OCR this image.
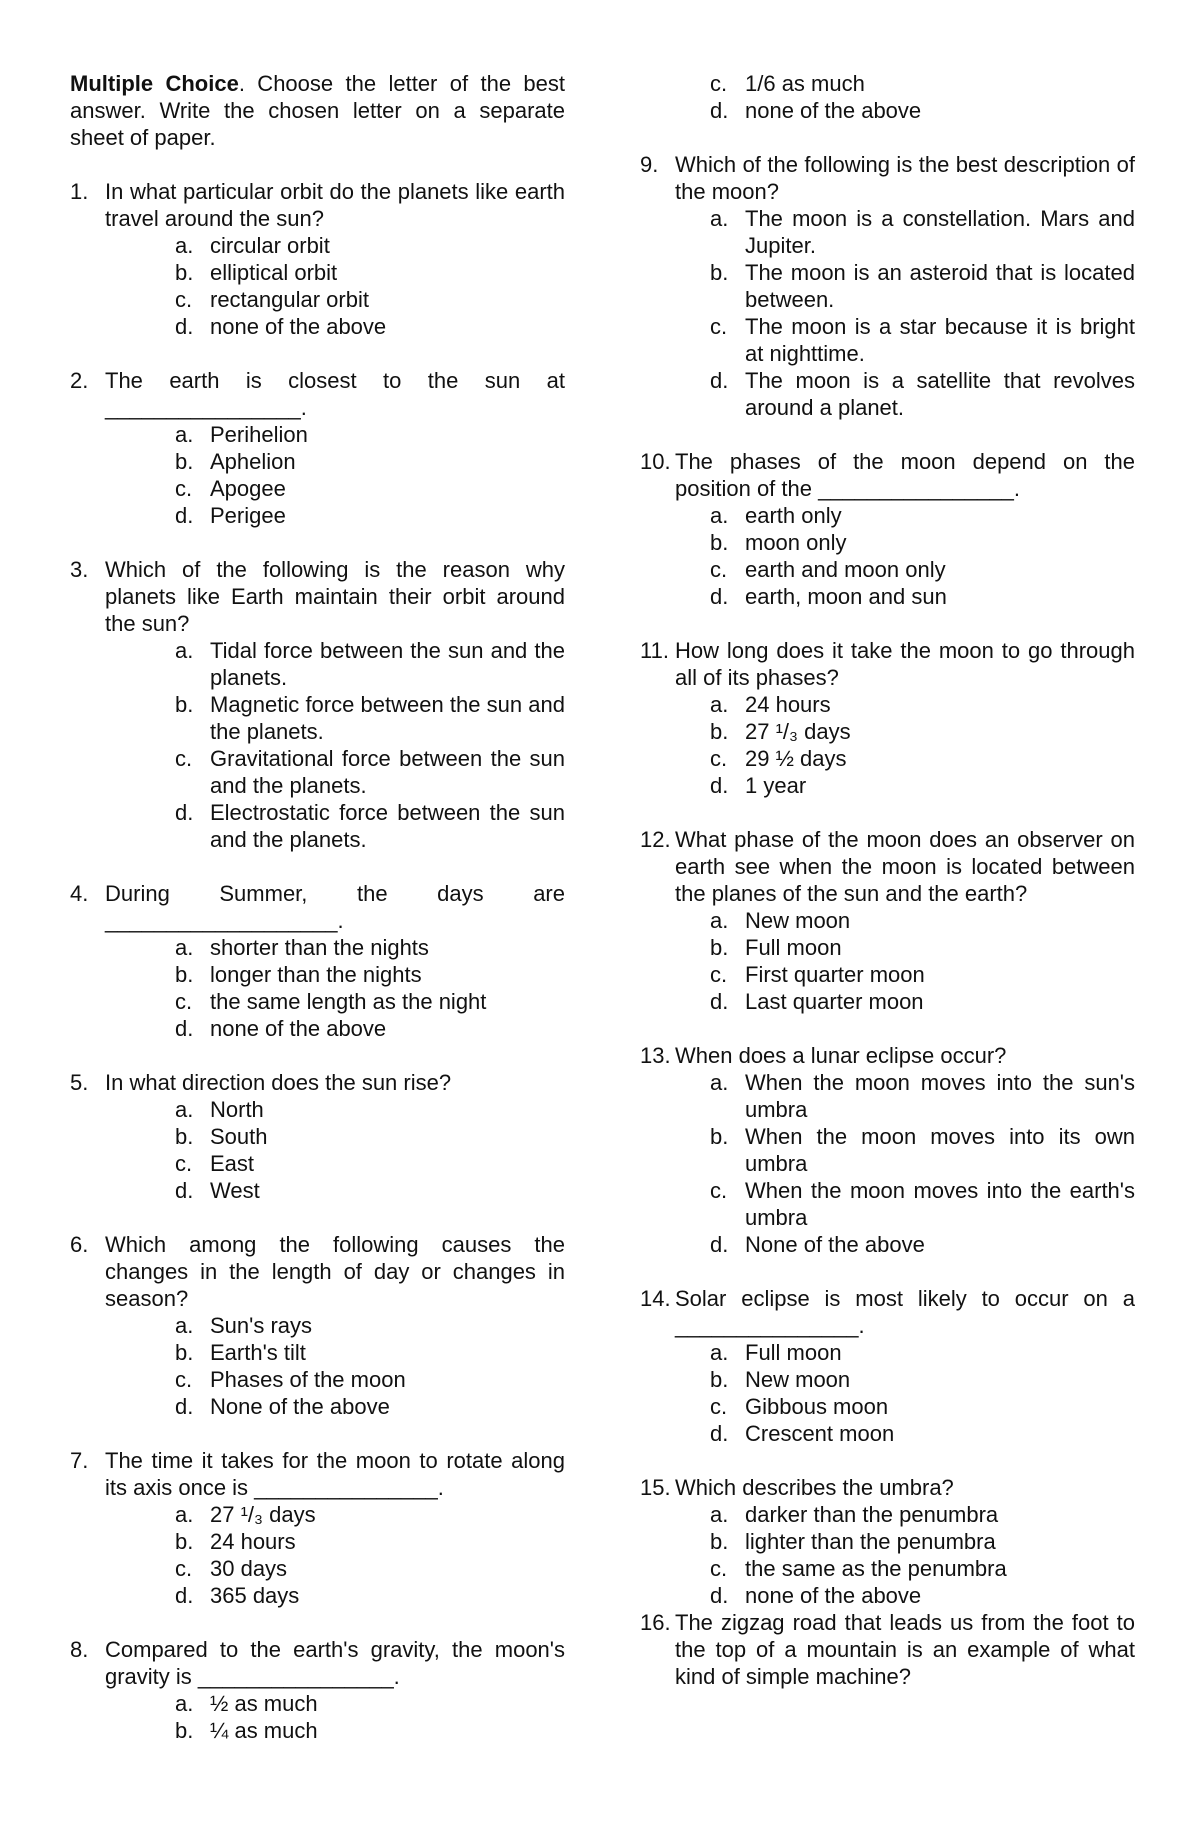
Multiple Choice. Choose the letter of the best answer. Write the chosen letter on a separate sheet of paper.

1. In what particular orbit do the planets like earth travel around the sun?
a. circular orbit
b. elliptical orbit
c. rectangular orbit
d. none of the above
2. The earth is closest to the sun at ________________.
a. Perihelion
b. Aphelion
c. Apogee
d. Perigee
3. Which of the following is the reason why planets like Earth maintain their orbit around the sun?
a. Tidal force between the sun and the planets.
b. Magnetic force between the sun and the planets.
c. Gravitational force between the sun and the planets.
d. Electrostatic force between the sun and the planets.
4. During Summer, the days are ___________________.
a. shorter than the nights
b. longer than the nights
c. the same length as the night
d. none of the above
5. In what direction does the sun rise?
a. North
b. South
c. East
d. West
6. Which among the following causes the changes in the length of day or changes in season?
a. Sun's rays
b. Earth's tilt
c. Phases of the moon
d. None of the above
7. The time it takes for the moon to rotate along its axis once is _______________.
a. 27 ¹/₃ days
b. 24 hours
c. 30 days
d. 365 days
8. Compared to the earth's gravity, the moon's gravity is ________________.
a. ½ as much
b. ¼ as much
c. 1/6 as much
d. none of the above
9. Which of the following is the best description of the moon?
a. The moon is a constellation. Mars and Jupiter.
b. The moon is an asteroid that is located between.
c. The moon is a star because it is bright at nighttime.
d. The moon is a satellite that revolves around a planet.
10. The phases of the moon depend on the position of the ________________.
a. earth only
b. moon only
c. earth and moon only
d. earth, moon and sun
11. How long does it take the moon to go through all of its phases?
a. 24 hours
b. 27 ¹/₃ days
c. 29 ½ days
d. 1 year
12. What phase of the moon does an observer on earth see when the moon is located between the planes of the sun and the earth?
a. New moon
b. Full moon
c. First quarter moon
d. Last quarter moon
13. When does a lunar eclipse occur?
a. When the moon moves into the sun's umbra
b. When the moon moves into its own umbra
c. When the moon moves into the earth's umbra
d. None of the above
14. Solar eclipse is most likely to occur on a _______________.
a. Full moon
b. New moon
c. Gibbous moon
d. Crescent moon
15. Which describes the umbra?
a. darker than the penumbra
b. lighter than the penumbra
c. the same as the penumbra
d. none of the above
16. The zigzag road that leads us from the foot to the top of a mountain is an example of what kind of simple machine?
